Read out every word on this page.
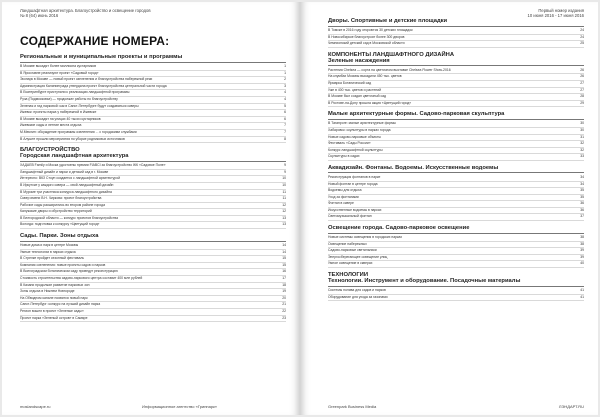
Ландшафтная архитектура. Благоустройство и освещение городов
№ 8 (64) июнь 2016
СОДЕРЖАНИЕ НОМЕРА:
Региональные и муниципальные проекты и программы
В Москве высадят более миллиона кустарников	1
В Ярославле реализуют проект «Садовый город»	1
Экопарк в Москве — новый проект озеленения и благоустройства набережной реки	2
Администрация Калининграда утвердила проект благоустройства центральной части города	3
В Екатеринбурге приступили к реализации ландшафтной программы	4
Руза (Подмосковье) — продолжат работы по благоустройству	4
Зеленая и гид парковой: как в Санкт-Петербурге будут создаваться скверы	5
Ижевск: проекты парка у набережной в Ижевске	6
В Москве высадят на улицах 40 тысяч кустарников	6
Ижевские сады и летние места отдыха	7
М.Меклин: обсуждение программы озеленения ... с городскими службами	7
В Алуште прошли мероприятия по уборке родниковых источников	8
БЛАГОУСТРОЙСТВО
Городская ландшафтная архитектура
ХАДАЕВ Family и Моска удостоены премии FIABCI за благоустройство ЖК «Садовое Поле»	9
Ландшафтный дизайн и парки и детский сад в г. Москве	9
Интересно: ВКЗ Стоун создается с ландшафтной архитектурой	10
В Иркутске у каждого сквера — свой ландшафтный дизайн	10
В Муроме три участника конкурса ландшафтного дизайна	11
Сквер имени В.Н. Чиркова: проект благоустройства	11
Рабочие сады расширились во втором районе города	12
Калужские дворы и обустройство территорий	12
В Белгородской области — конкурс проектов благоустройства	13
Вологда: подготовка к конкурсу «Цветущий город»	13
Сады. Парки. Зоны отдыха
Новые дома и парк в центре Москвы	14
Умные технологии в парках отдыха	14
В Стрелке пройдет сезонный фестиваль	15
Компания озеленения: новые проекты садов и парков	15
В Волгоградском ботаническом саду проведут реконструкцию	16
Стоимость строительства садово-паркового центра составит 400 млн рублей	17
В Казани продолжат развитие парковых зон	18
Зоны отдыха в Нижнем Новгороде	19
На Обводном канале появится новый парк	20
Санкт-Петербург: конкурс на лучший дизайн парка	21
Регион вошел в проект «Зеленые сады»	22
Проект парка «Зеленый остров» в Самаре	23
moslandscape.ru	Информационное агентство «Гринпарк»
Первый номер издания
10 июня 2016 - 17 июня 2016
Дворы. Спортивные и детские площадки
В Томске в 2016 году откроются 30 детских площадок	24
В Новосибирске благоустроят более 300 дворов	24
Чемпионский детский сад в Московской области	25
КОМПОНЕНТЫ ЛАНДШАФТНОГО ДИЗАЙНА
Зеленые насаждения
Растения Chelsea — сорта на цветочном выставке Chelsea Flower Show-2016	26
На клумбах Москвы высадили 450 тыс. цветов	26
Ярмарка Ботанический сад	27
Уже в 400 тыс. цветов и растений	27
В Москве был создан цветочный сад	28
В Ростове-на-Дону прошла акция «Цветущий город»	29
Малые архитектурные формы. Садово-парковая скульптура
В Таганроге: малые архитектурные формы	30
Хабаровск: скульптуры в парках города	30
Новые садово-парковые объекты	31
Фестиваль «Сады России»	32
Конкурс ландшафтной скульптуры	32
Скульптуры в садах	33
Аквадизайн. Фонтаны. Водоемы. Искусственные водоемы
Реконструкция фонтанов в парке	34
Новый фонтан в центре города	34
Водоемы для отдыха	35
Уход за фонтанами	35
Фонтан в сквере	36
Искусственные водоемы в парках	36
Светомузыкальный фонтан	37
Освещение города. Садово-парковое освещение
Новые системы освещения в городских парках	38
Освещение набережных	38
Садово-парковые светильники	39
Энергосберегающее освещение улиц	39
Умное освещение в скверах	40
ТЕХНОЛОГИИ
Технологии. Инструмент и оборудование. Посадочные материалы
Системы полива для садов и парков	41
Оборудование для ухода за газонами	41
Greenpark Business Media	ЛЭНДАРТ.RU
